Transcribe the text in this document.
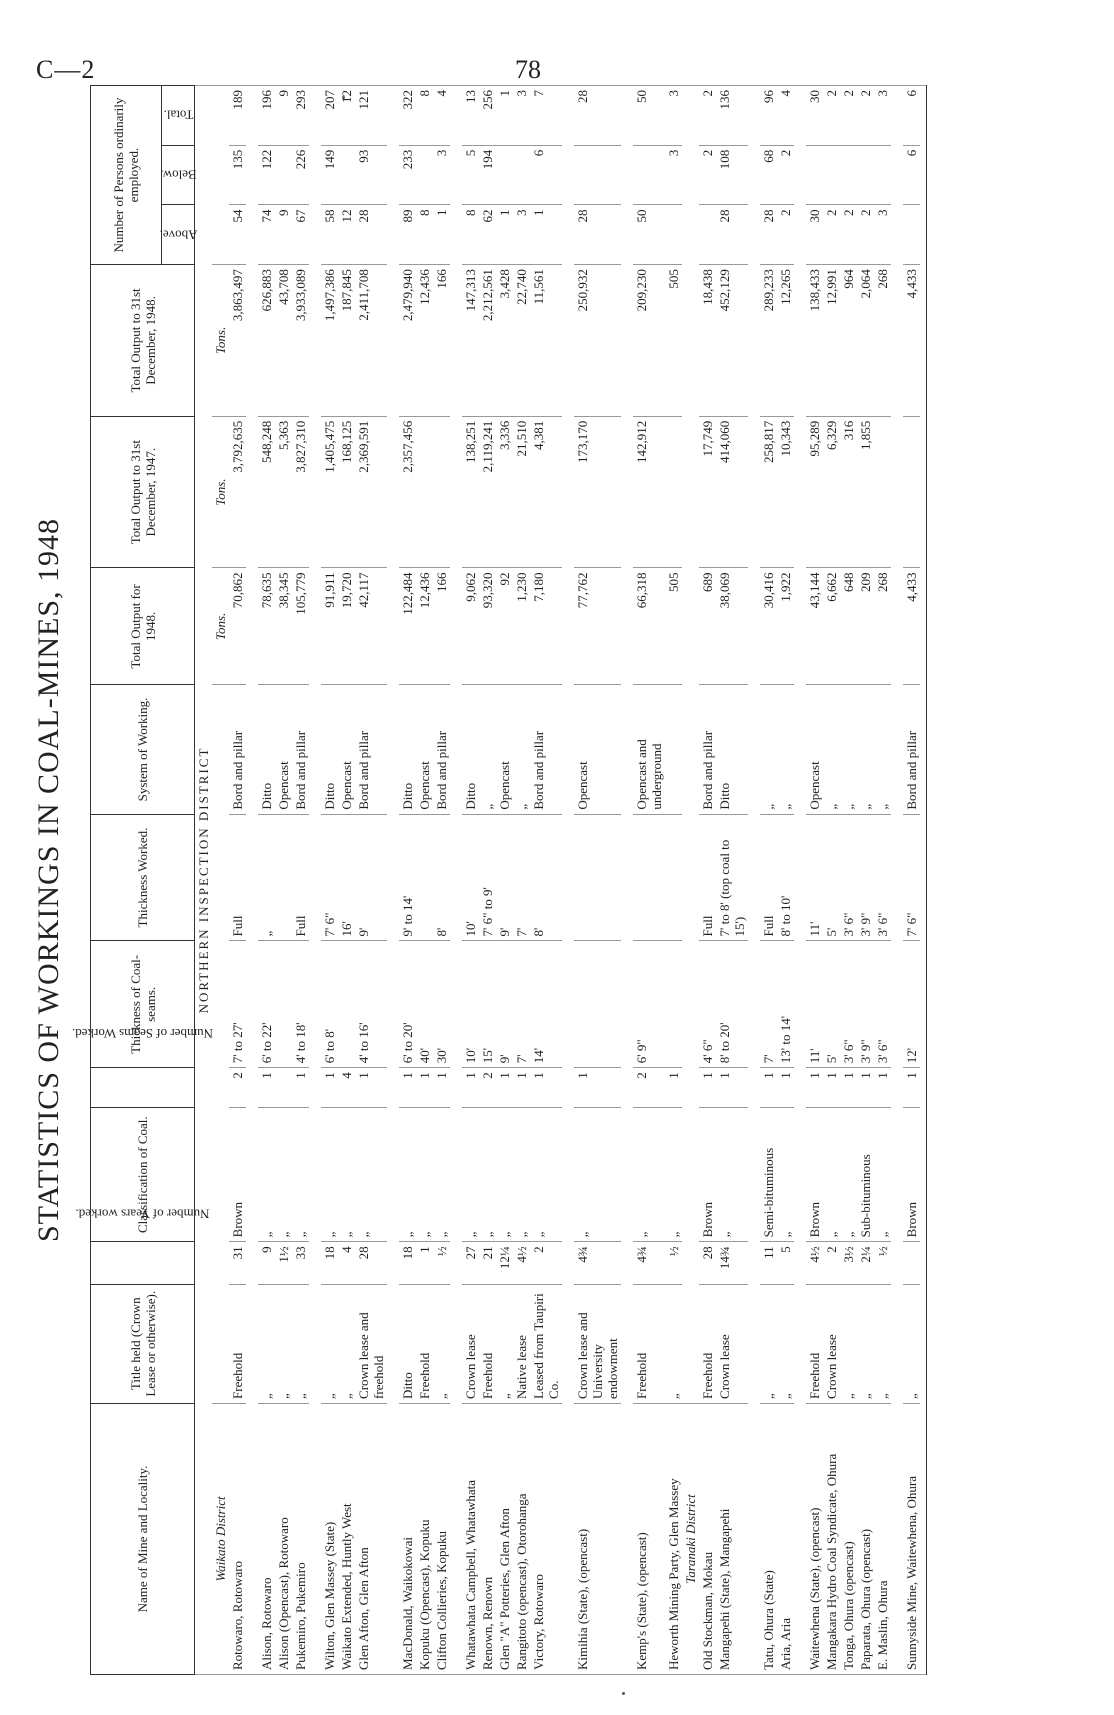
C—2	78
STATISTICS OF WORKINGS IN COAL-MINES, 1948
Name of Mine and Locality.	Title held (Crown Lease or otherwise).	Number of Years worked.	Classification of Coal.	Number of Seams Worked.	Thickness of Coal-seams.	Thickness Worked.	System of Working.	Total Output for 1948.	Total Output to 31st December, 1947.	Total Output to 31st December, 1948.	Number of Persons ordinarily employed.		
											Above.	Below.	Total.
NORTHERN INSPECTION DISTRICT													
Waikato District								Tons.	Tons.	Tons.			
Rotowaro, Rotowaro	Freehold	31	Brown	2	7' to 27'	Full	Bord and pillar	70,862	3,792,635	3,863,497	54	135	189

Alison, Rotowaro	„	9	„	1	6' to 22'	„	Ditto	78,635	548,248	626,883	74	122	196
Alison (Opencast), Rotowaro	„	1½	„				Opencast	38,345	5,363	43,708	9		9
Pukemiro, Pukemiro	„	33	„	1	4' to 18'	Full	Bord and pillar	105,779	3,827,310	3,933,089	67	226	293

Wilton, Glen Massey (State)	„	18	„	1	6' to 8'	7' 6"	Ditto	91,911	1,405,475	1,497,386	58	149	207
Waikato Extended, Huntly West	„	4	„	4		16'	Opencast	19,720	168,125	187,845	12		12
Glen Afton, Glen Afton	Crown lease and freehold	28	„	1	4' to 16'	9'	Bord and pillar	42,117	2,369,591	2,411,708	28	93	121

MacDonald, Waikokowai	Ditto	18	„	1	6' to 20'	9' to 14'	Ditto	122,484	2,357,456	2,479,940	89	233	322
Kopuku (Opencast), Kopuku	Freehold	1	„	1	40'		Opencast	12,436		12,436	8		8
Clifton Collieries, Kopuku	„	½	„	1	30'	8'	Bord and pillar	166		166	1	3	4

Whatawhata Campbell, Whatawhata	Crown lease	27	„	1	10'	10'	Ditto	9,062	138,251	147,313	8	5	13
Renown, Renown	Freehold	21	„	2	15'	7' 6" to 9'	„	93,320	2,119,241	2,212,561	62	194	256
Glen "A" Potteries, Glen Afton	„	12¼	„	1	9'	9'	Opencast	92	3,336	3,428	1		1
Rangitoto (opencast), Otorohanga	Native lease	4½	„	1	7'	7'	„	1,230	21,510	22,740	3		3
Victory, Rotowaro	Leased from Taupiri Co.	2	„	1	14'	8'	Bord and pillar	7,180	4,381	11,561	1	6	7

Kimihia (State), (opencast)	Crown lease and University endowment	4¾	„	1			Opencast	77,762	173,170	250,932	28		28

Kemp's (State), (opencast)	Freehold	4¾	„	2	6' 9"		Opencast and underground	66,318	142,912	209,230	50		50
Heworth Mining Party, Glen Massey	„	½	„	1				505		505		3	3
Taranaki District													
Old Stockman, Mokau	Freehold	28	Brown	1	4' 6"	Full	Bord and pillar	689	17,749	18,438		2	2
Mangapehi (State), Mangapehi	Crown lease	14¾	„	1	8' to 20'	7' to 8' (top coal to 15')	Ditto	38,069	414,060	452,129	28	108	136

Tatu, Ohura (State)	„	11	Semi-bituminous	1	7'	Full	„	30,416	258,817	289,233	28	68	96
Aria, Aria	„	5	„	1	13' to 14'	8' to 10'	„	1,922	10,343	12,265	2	2	4

Waitewhena (State), (opencast)	Freehold	4½	Brown	1	11'	11'	Opencast	43,144	95,289	138,433	30		30
Mangakara Hydro Coal Syndicate, Ohura	Crown lease	2	„	1	5'	5'	„	6,662	6,329	12,991	2		2
Tonga, Ohura (opencast)	„	3½	„	1	3' 6"	3' 6"	„	648	316	964	2		2
Paparata, Ohura (opencast)	„	2¼	Sub-bituminous	1	3' 9"	3' 9"	„	209	1,855	2,064	2		2
E. Maslin, Ohura	„	½	„	1	3' 6"	3' 6"	„	268		268	3		3

Sunnyside Mine, Waitewhena, Ohura	„		Brown	1	12'	7' 6"	Bord and pillar	4,433		4,433		6	6
